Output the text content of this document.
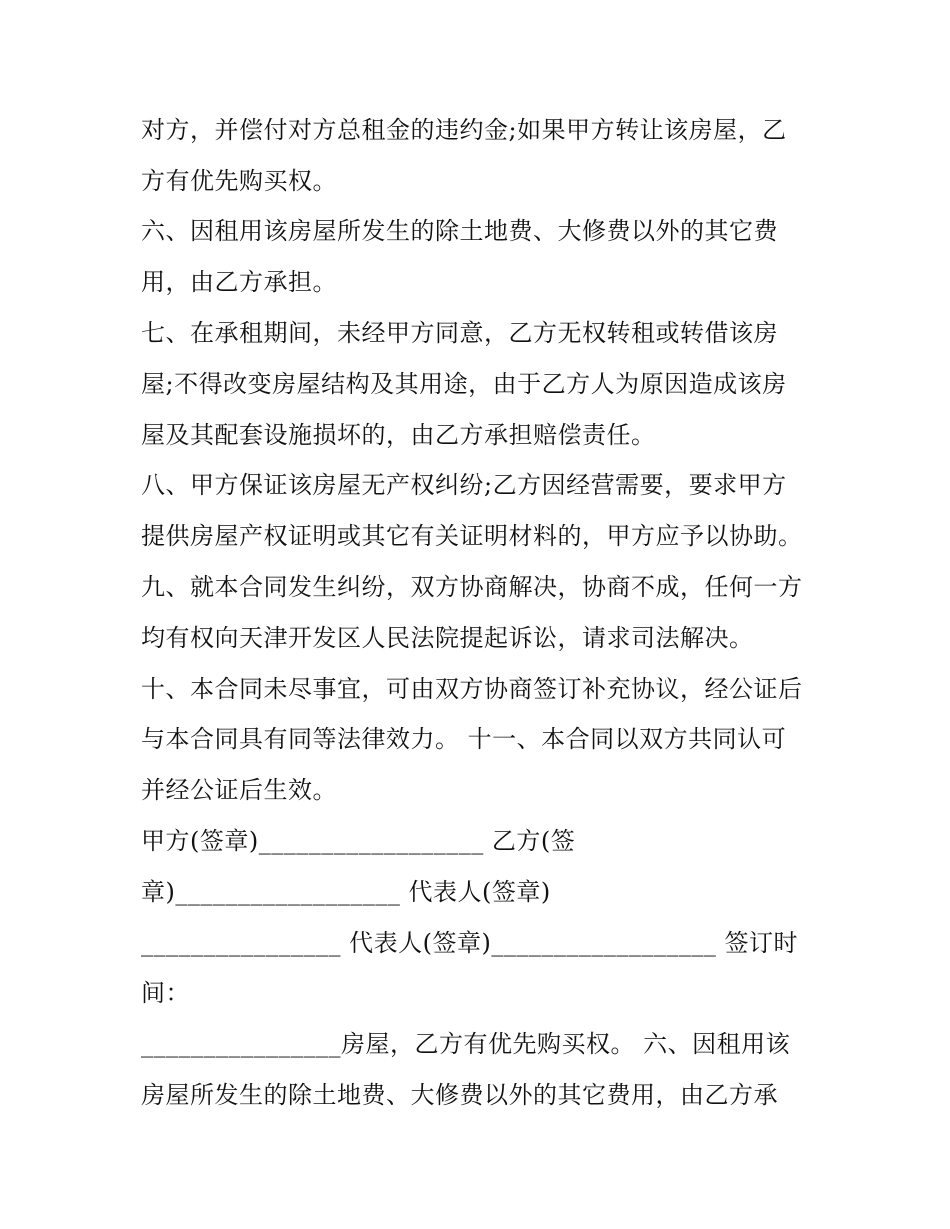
对方，并偿付对方总租金的违约金;如果甲方转让该房屋，乙
方有优先购买权。
六、因租用该房屋所发生的除土地费、大修费以外的其它费
用，由乙方承担。
七、在承租期间，未经甲方同意，乙方无权转租或转借该房
屋;不得改变房屋结构及其用途，由于乙方人为原因造成该房
屋及其配套设施损坏的，由乙方承担赔偿责任。
八、甲方保证该房屋无产权纠纷;乙方因经营需要，要求甲方
提供房屋产权证明或其它有关证明材料的，甲方应予以协助。
九、就本合同发生纠纷，双方协商解决，协商不成，任何一方
均有权向天津开发区人民法院提起诉讼，请求司法解决。
十、本合同未尽事宜，可由双方协商签订补充协议，经公证后
与本合同具有同等法律效力。 十一、本合同以双方共同认可
并经公证后生效。
甲方(签章)__________________ 乙方(签
章)__________________ 代表人(签章)
________________ 代表人(签章)__________________ 签订时
间：
________________房屋，乙方有优先购买权。 六、因租用该
房屋所发生的除土地费、大修费以外的其它费用，由乙方承
